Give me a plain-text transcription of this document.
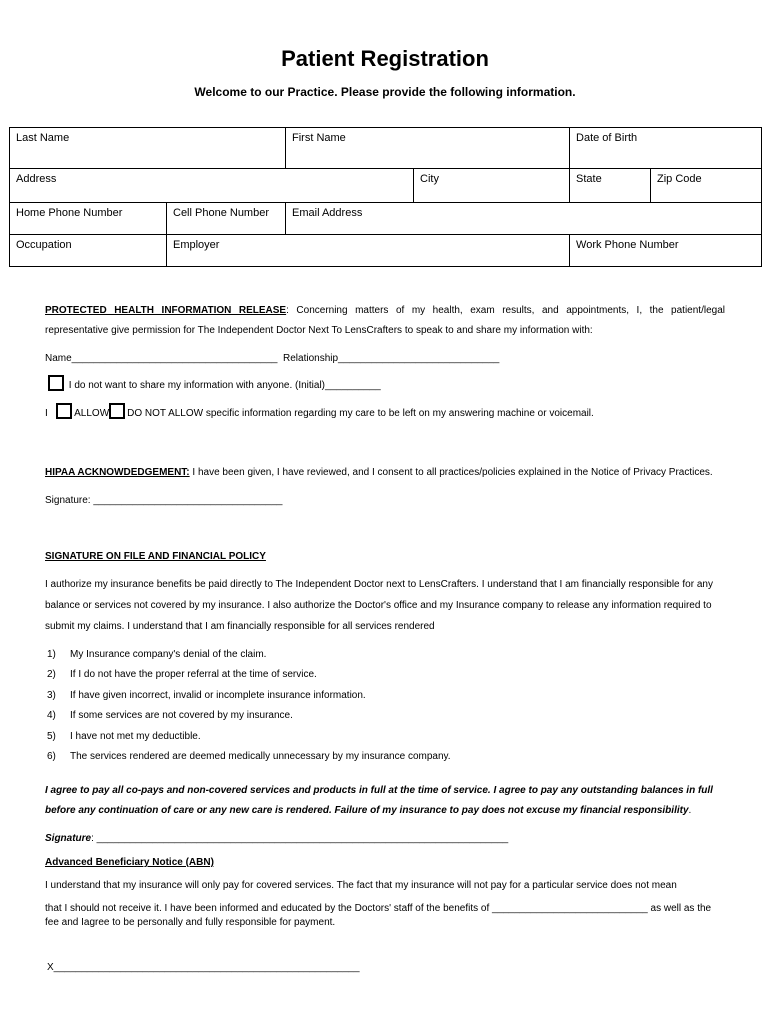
Patient Registration
Welcome to our Practice. Please provide the following information.
Last Name		First Name		Date of Birth	
Address			City	State	Zip Code
Home Phone Number	Cell Phone Number	Email Address			
Occupation	Employer			Work Phone Number	
PROTECTED HEALTH INFORMATION RELEASE: Concerning matters of my health, exam results, and appointments, I, the patient/legal
representative give permission for The Independent Doctor Next To LensCrafters to speak to and share my information with:
Name_____________________________________ Relationship_____________________________
I do not want to share my information with anyone. (Initial)__________
I	ALLOW DO NOT ALLOW specific information regarding my care to be left on my answering machine or voicemail.
HIPAA ACKNOWDEDGEMENT: I have been given, I have reviewed, and I consent to all practices/policies explained in the Notice of Privacy Practices.
Signature: __________________________________
SIGNATURE ON FILE AND FINANCIAL POLICY
I authorize my insurance benefits be paid directly to The Independent Doctor next to LensCrafters. I understand that I am financially responsible for any
balance or services not covered by my insurance. I also authorize the Doctor's office and my Insurance company to release any information required to
submit my claims. I understand that I am financially responsible for all services rendered
1) My Insurance company's denial of the claim.
2) If I do not have the proper referral at the time of service.
3) If have given incorrect, invalid or incomplete insurance information.
4) If some services are not covered by my insurance.
5) I have not met my deductible.
6) The services rendered are deemed medically unnecessary by my insurance company.
I agree to pay all co-pays and non-covered services and products in full at the time of service. I agree to pay any outstanding balances in full
before any continuation of care or any new care is rendered. Failure of my insurance to pay does not excuse my financial responsibility.
Signature: __________________________________________________________________________
Advanced Beneficiary Notice (ABN)
I understand that my insurance will only pay for covered services. The fact that my insurance will not pay for a particular service does not mean
that I should not receive it. I have been informed and educated by the Doctors' staff of the benefits of ____________________________ as well as the
fee and Iagree to be personally and fully responsible for payment.
X_______________________________________________________
